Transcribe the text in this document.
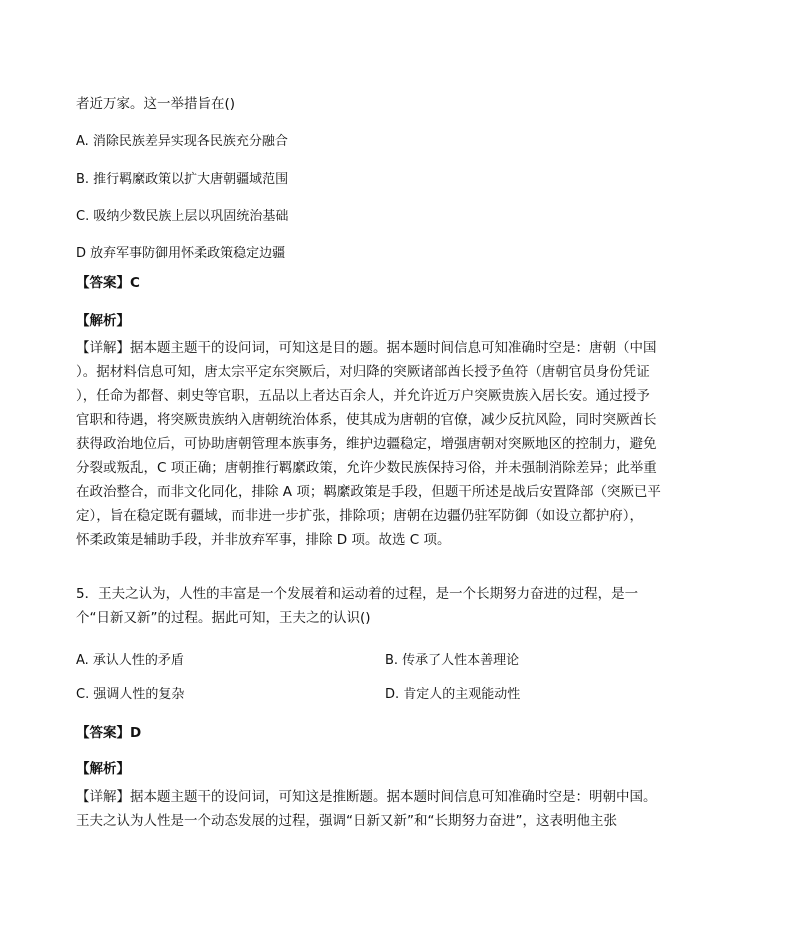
者近万家。这一举措旨在()
A. 消除民族差异实现各民族充分融合
B. 推行羁縻政策以扩大唐朝疆域范围
C. 吸纳少数民族上层以巩固统治基础
D 放弃军事防御用怀柔政策稳定边疆
【答案】C
【解析】
【详解】据本题主题干的设问词，可知这是目的题。据本题时间信息可知准确时空是：唐朝（中国
）。据材料信息可知，唐太宗平定东突厥后，对归降的突厥诸部酋长授予鱼符（唐朝官员身份凭证
），任命为都督、刺史等官职，五品以上者达百余人，并允许近万户突厥贵族入居长安。通过授予
官职和待遇，将突厥贵族纳入唐朝统治体系，使其成为唐朝的官僚，减少反抗风险，同时突厥酋长
获得政治地位后，可协助唐朝管理本族事务，维护边疆稳定，增强唐朝对突厥地区的控制力，避免
分裂或叛乱，C 项正确；唐朝推行羁縻政策，允许少数民族保持习俗，并未强制消除差异；此举重
在政治整合，而非文化同化，排除 A 项；羁縻政策是手段，但题干所述是战后安置降部（突厥已平
定），旨在稳定既有疆域，而非进一步扩张，排除项；唐朝在边疆仍驻军防御（如设立都护府），
怀柔政策是辅助手段，并非放弃军事，排除 D 项。故选 C 项。
5．王夫之认为，人性的丰富是一个发展着和运动着的过程，是一个长期努力奋进的过程，是一
个“日新又新”的过程。据此可知，王夫之的认识()
A. 承认人性的矛盾	B. 传承了人性本善理论
C. 强调人性的复杂	D. 肯定人的主观能动性
【答案】D
【解析】
【详解】据本题主题干的设问词，可知这是推断题。据本题时间信息可知准确时空是：明朝中国。
王夫之认为人性是一个动态发展的过程，强调“日新又新”和“长期努力奋进”，这表明他主张
